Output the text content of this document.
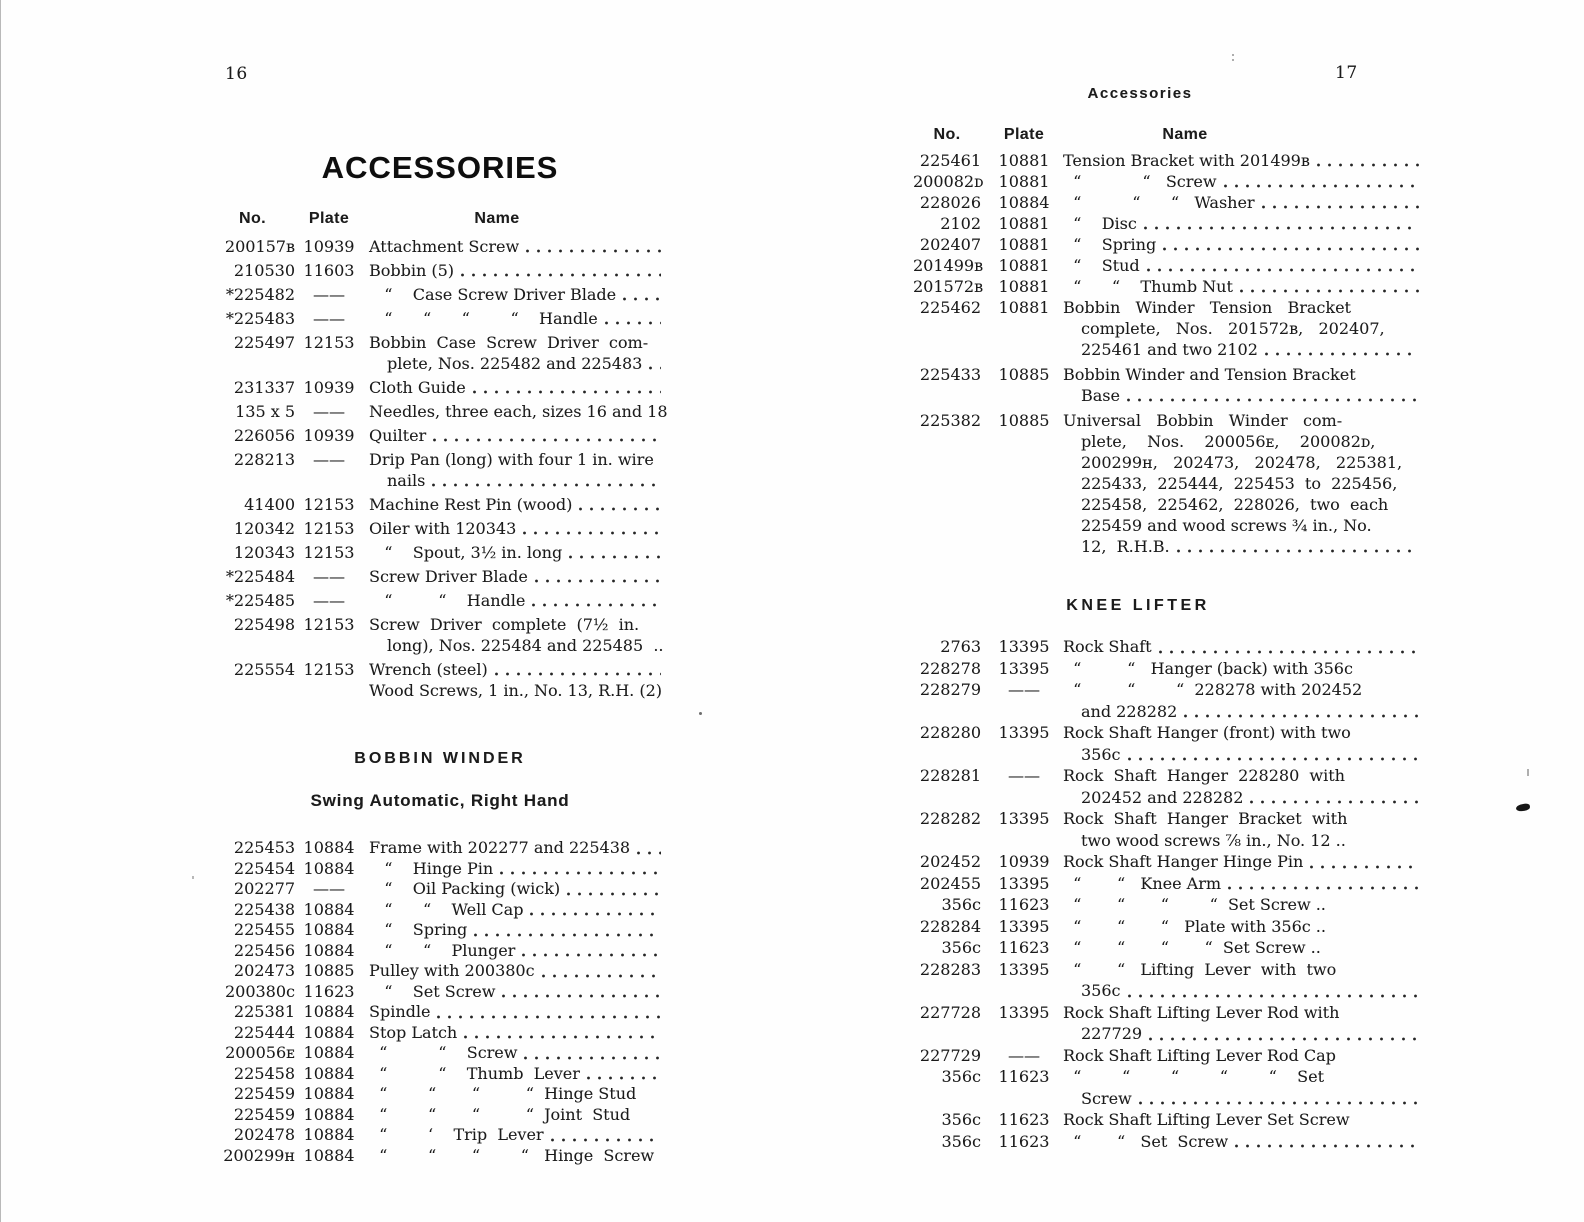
16
ACCESSORIES
No.	Plate	Name
200157ʙ 10939 Attachment Screw
210530 11603 Bobbin (5)
*225482	——	“    Case Screw Driver Blade
*225483	——	“      “      “        “    Handle
225497 12153 Bobbin  Case  Screw  Driver  com-
plete, Nos. 225482 and 225483
231337 10939 Cloth Guide
135 x 5	——	Needles, three each, sizes 16 and 18
226056 10939 Quilter
228213	——	Drip Pan (long) with four 1 in. wire
nails
41400 12153 Machine Rest Pin (wood)
120342 12153 Oiler with 120343
120343 12153 “    Spout, 3½ in. long
*225484	——	Screw Driver Blade
*225485	——	“         “    Handle
225498 12153 Screw  Driver  complete  (7½  in.
long), Nos. 225484 and 225485  ..
225554 12153 Wrench (steel)
Wood Screws, 1 in., No. 13, R.H. (2)
BOBBIN WINDER
Swing Automatic, Right Hand
225453 10884 Frame with 202277 and 225438
225454 10884 “    Hinge Pin
202277	——	“    Oil Packing (wick)
225438 10884 “      “    Well Cap
225455 10884 “    Spring
225456 10884 “      “    Plunger
202473 10885 Pulley with 200380c
200380c 11623 “    Set Screw
225381 10884 Spindle
225444 10884 Stop Latch
200056ᴇ 10884 “          “    Screw
225458 10884 “          “    Thumb  Lever
225459 10884 “        “       “         “  Hinge Stud
225459 10884 “        “       “         “  Joint  Stud
202478 10884 “        ‘    Trip  Lever
200299ʜ 10884 “        “       “        “   Hinge  Screw
17
Accessories
No.	Plate	Name
225461	10881 Tension Bracket with 201499ʙ
200082ᴅ 10881 “            “   Screw
228026	10884 “          “      “   Washer
2102	10881 “    Disc
202407	10881 “    Spring
201499ʙ 10881 “    Stud
201572ʙ 10881 “      “    Thumb Nut
225462	10881 Bobbin   Winder   Tension   Bracket
complete,   Nos.   201572ʙ,   202407,
225461 and two 2102
225433	10885 Bobbin Winder and Tension Bracket
Base
225382	10885 Universal   Bobbin   Winder   com-
plete,    Nos.    200056ᴇ,    200082ᴅ,
200299ʜ,   202473,   202478,   225381,
225433,  225444,  225453  to  225456,
225458,  225462,  228026,  two  each
225459 and wood screws ¾ in., No.
12,  R.H.B.
KNEE LIFTER
2763	13395 Rock Shaft
228278	13395 “         “   Hanger (back) with 356c
228279	——	“         “        “  228278 with 202452
and 228282
228280	13395 Rock Shaft Hanger (front) with two
356c
228281	——	Rock  Shaft  Hanger  228280  with
202452 and 228282
228282	13395 Rock  Shaft  Hanger  Bracket  with
two wood screws ⅞ in., No. 12 ..
202452	10939 Rock Shaft Hanger Hinge Pin
202455	13395 “       “   Knee Arm
356c	11623 “       “       “        “  Set Screw ..
228284	13395 “       “       “   Plate with 356c ..
356c	11623 “       “       “       “  Set Screw ..
228283	13395 “       “   Lifting  Lever  with  two
356c
227728	13395 Rock Shaft Lifting Lever Rod with
227729
227729	——	Rock Shaft Lifting Lever Rod Cap
356c	11623 “        “        “        “        “    Set
Screw
356c	11623 Rock Shaft Lifting Lever Set Screw
356c	11623 “       “   Set  Screw
